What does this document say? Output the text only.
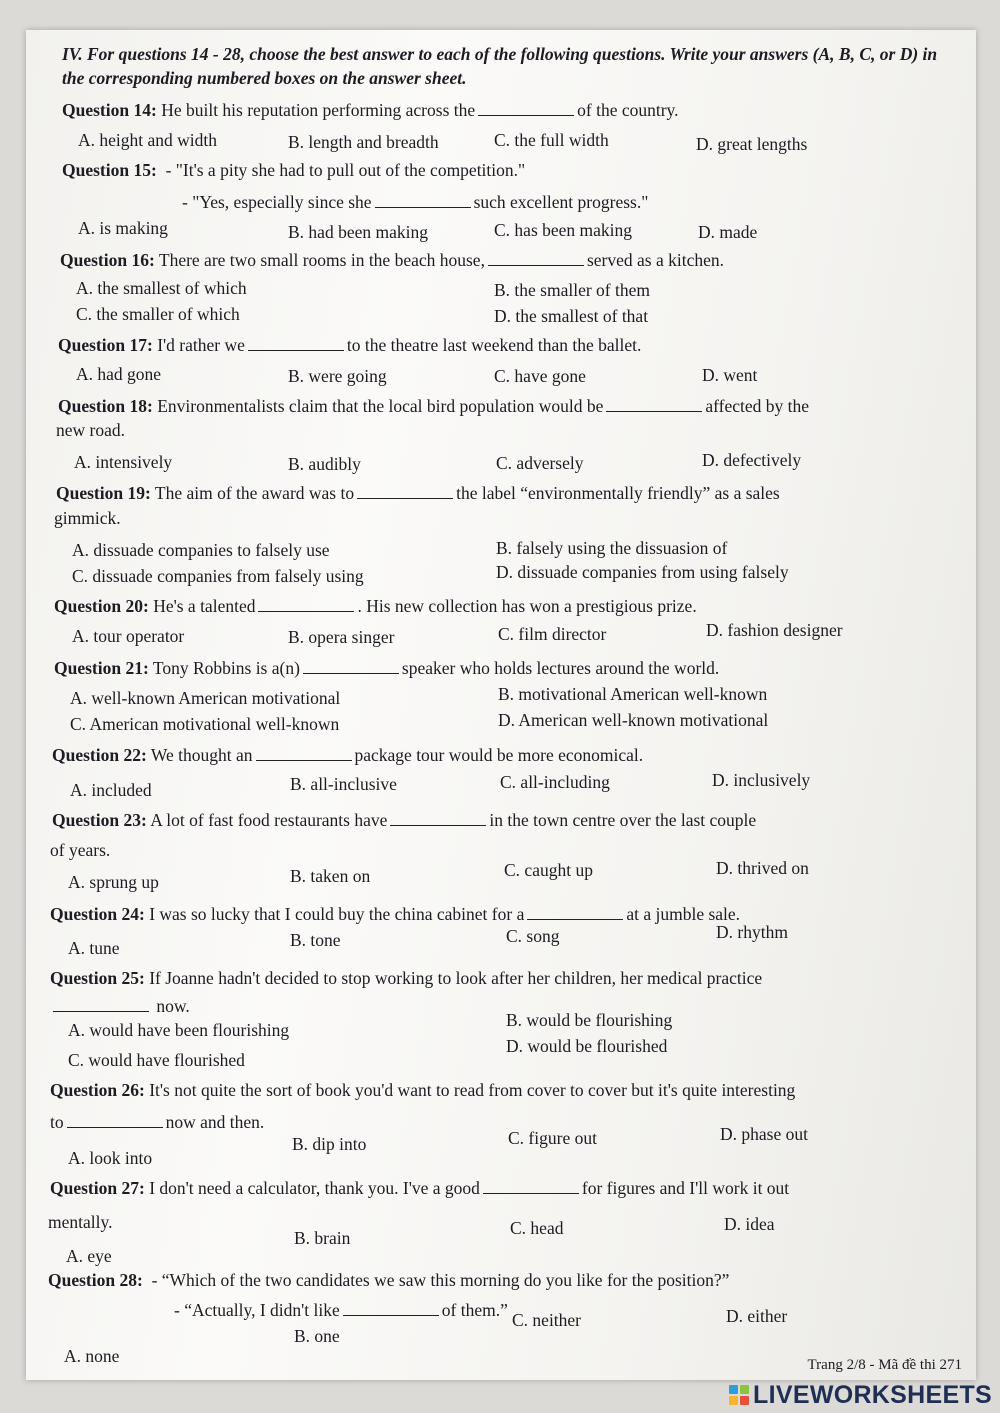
IV. For questions 14 - 28, choose the best answer to each of the following questions. Write your answers (A, B, C, or D) in the corresponding numbered boxes on the answer sheet.
Question 14: He built his reputation performing across the	of the country.
A. height and width	B. length and breadth	C. the full width	D. great lengths
Question 15: - "It's a pity she had to pull out of the competition."
- "Yes, especially since she	such excellent progress."
A. is making	B. had been making	C. has been making	D. made
Question 16: There are two small rooms in the beach house,	served as a kitchen.
A. the smallest of which	B. the smaller of them
C. the smaller of which	D. the smallest of that
Question 17: I'd rather we	to the theatre last weekend than the ballet.
A. had gone	B. were going	C. have gone	D. went
Question 18: Environmentalists claim that the local bird population would be	affected by the
new road.
A. intensively	B. audibly	C. adversely	D. defectively
Question 19: The aim of the award was to	the label “environmentally friendly” as a sales
gimmick.
A. dissuade companies to falsely use	B. falsely using the dissuasion of
C. dissuade companies from falsely using	D. dissuade companies from using falsely
Question 20: He's a talented	. His new collection has won a prestigious prize.
A. tour operator	B. opera singer	C. film director	D. fashion designer
Question 21: Tony Robbins is a(n)	speaker who holds lectures around the world.
A. well-known American motivational	B. motivational American well-known
C. American motivational well-known	D. American well-known motivational
Question 22: We thought an	package tour would be more economical.
A. included	B. all-inclusive	C. all-including	D. inclusively
Question 23: A lot of fast food restaurants have	in the town centre over the last couple
of years.
A. sprung up	B. taken on	C. caught up	D. thrived on
Question 24: I was so lucky that I could buy the china cabinet for a	at a jumble sale.
A. tune	B. tone	C. song	D. rhythm
Question 25: If Joanne hadn't decided to stop working to look after her children, her medical practice
now.
A. would have been flourishing	B. would be flourishing
C. would have flourished
D. would be flourished
Question 26: It's not quite the sort of book you'd want to read from cover to cover but it's quite interesting
to	now and then.
A. look into
B. dip into	C. figure out	D. phase out
Question 27: I don't need a calculator, thank you. I've a good	for figures and I'll work it out
mentally.
A. eye
B. brain	C. head	D. idea
Question 28: - “Which of the two candidates we saw this morning do you like for the position?”
- “Actually, I didn't like	of them.”
A. none
B. one
C. neither	D. either
Trang 2/8 - Mã đề thi 271
LIVEWORKSHEETS
